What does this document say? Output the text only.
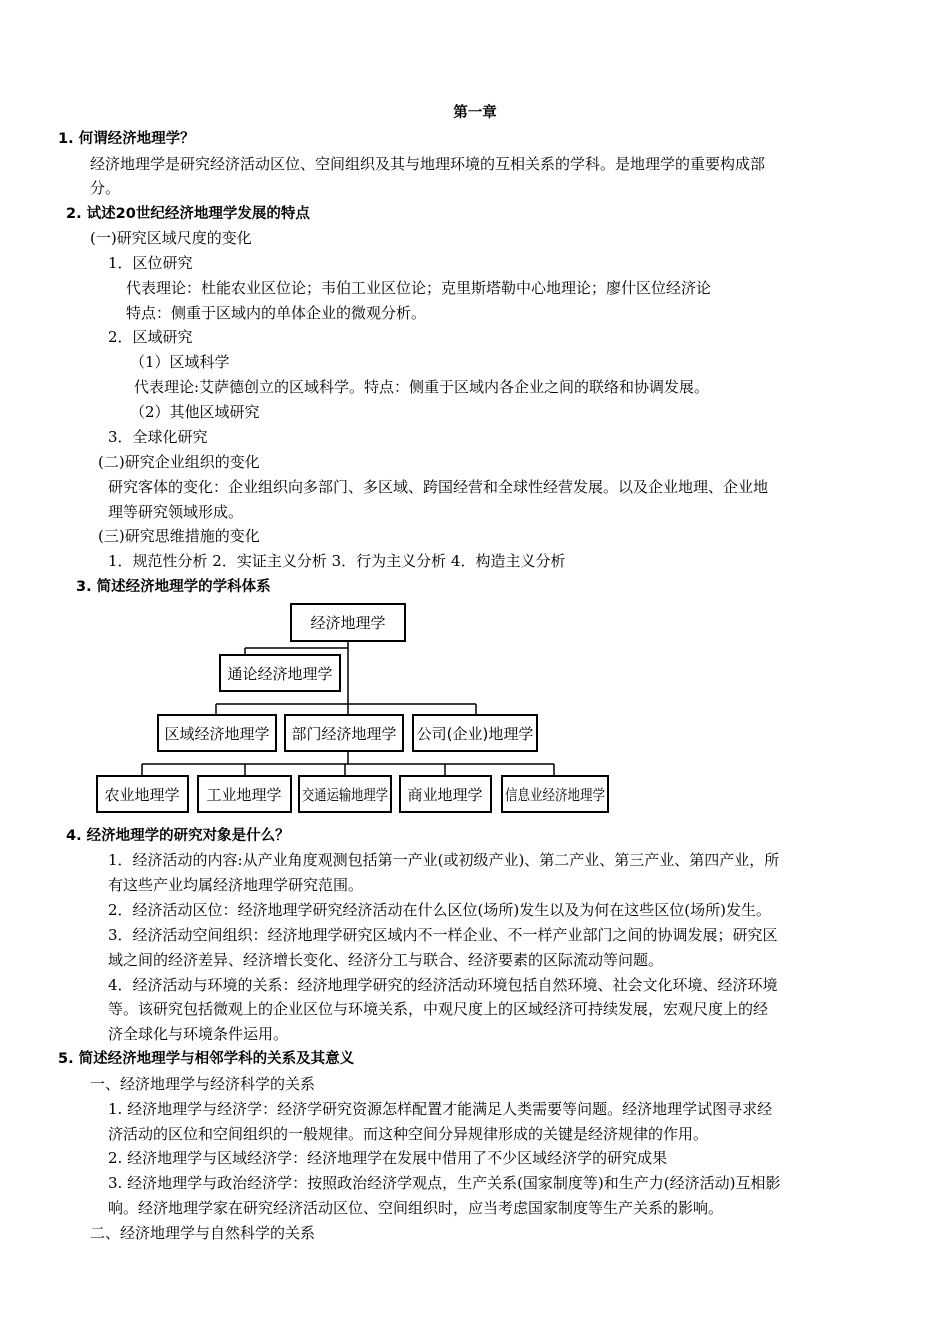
第一章
1. 何谓经济地理学？
经济地理学是研究经济活动区位、空间组织及其与地理环境的互相关系的学科。是地理学的重要构成部
分。
2. 试述20世纪经济地理学发展的特点
(一)研究区域尺度的变化
1．区位研究
代表理论：杜能农业区位论；韦伯工业区位论；克里斯塔勒中心地理论；廖什区位经济论
特点：侧重于区域内的单体企业的微观分析。
2．区域研究
（1）区域科学
代表理论:艾萨德创立的区域科学。特点：侧重于区域内各企业之间的联络和协调发展。
（2）其他区域研究
3．全球化研究
(二)研究企业组织的变化
研究客体的变化：企业组织向多部门、多区域、跨国经营和全球性经营发展。以及企业地理、企业地
理等研究领域形成。
(三)研究思维措施的变化
1．规范性分析 2．实证主义分析 3．行为主义分析 4．构造主义分析
3. 简述经济地理学的学科体系
经济地理学
通论经济地理学
区域经济地理学 部门经济地理学 公司(企业)地理学
农业地理学 工业地理学 交通运输地理学 商业地理学 信息业经济地理学
4. 经济地理学的研究对象是什么？
1．经济活动的内容:从产业角度观测包括第一产业(或初级产业)、第二产业、第三产业、第四产业，所
有这些产业均属经济地理学研究范围。
2．经济活动区位：经济地理学研究经济活动在什么区位(场所)发生以及为何在这些区位(场所)发生。
3．经济活动空间组织：经济地理学研究区域内不一样企业、不一样产业部门之间的协调发展；研究区
域之间的经济差异、经济增长变化、经济分工与联合、经济要素的区际流动等问题。
4．经济活动与环境的关系：经济地理学研究的经济活动环境包括自然环境、社会文化环境、经济环境
等。该研究包括微观上的企业区位与环境关系，中观尺度上的区域经济可持续发展，宏观尺度上的经
济全球化与环境条件运用。
5. 简述经济地理学与相邻学科的关系及其意义
一、经济地理学与经济科学的关系
1. 经济地理学与经济学：经济学研究资源怎样配置才能满足人类需要等问题。经济地理学试图寻求经
济活动的区位和空间组织的一般规律。而这种空间分异规律形成的关键是经济规律的作用。
2. 经济地理学与区域经济学：经济地理学在发展中借用了不少区域经济学的研究成果
3. 经济地理学与政治经济学：按照政治经济学观点，生产关系(国家制度等)和生产力(经济活动)互相影
响。经济地理学家在研究经济活动区位、空间组织时，应当考虑国家制度等生产关系的影响。
二、经济地理学与自然科学的关系
